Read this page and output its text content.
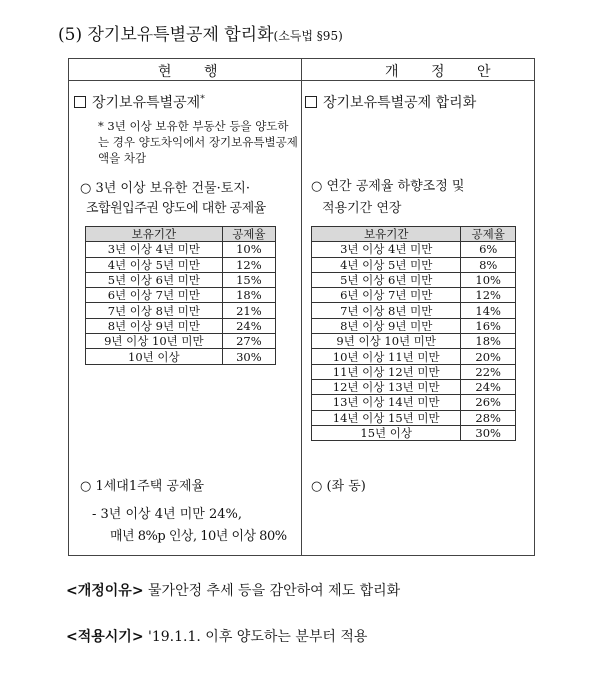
(5) 장기보유특별공제 합리화(소득법 §95)
현 행	개 정 안
장기보유특별공제*
* 3년 이상 보유한 부동산 등을 양도하는 경우 양도차익에서 장기보유특별공제액을 차감
○ 3년 이상 보유한 건물·토지·
조합원입주권 양도에 대한 공제율
보유기간	공제율
3년 이상 4년 미만	10%
4년 이상 5년 미만	12%
5년 이상 6년 미만	15%
6년 이상 7년 미만	18%
7년 이상 8년 미만	21%
8년 이상 9년 미만	24%
9년 이상 10년 미만	27%
10년 이상	30%
○ 1세대1주택 공제율
- 3년 이상 4년 미만 24%,
매년 8%p 인상, 10년 이상 80%
장기보유특별공제 합리화
○ 연간 공제율 하향조정 및
적용기간 연장
보유기간	공제율
3년 이상 4년 미만	6%
4년 이상 5년 미만	8%
5년 이상 6년 미만	10%
6년 이상 7년 미만	12%
7년 이상 8년 미만	14%
8년 이상 9년 미만	16%
9년 이상 10년 미만	18%
10년 이상 11년 미만	20%
11년 이상 12년 미만	22%
12년 이상 13년 미만	24%
13년 이상 14년 미만	26%
14년 이상 15년 미만	28%
15년 이상	30%
○ (좌 동)
<개정이유> 물가안정 추세 등을 감안하여 제도 합리화
<적용시기> '19.1.1. 이후 양도하는 분부터 적용
